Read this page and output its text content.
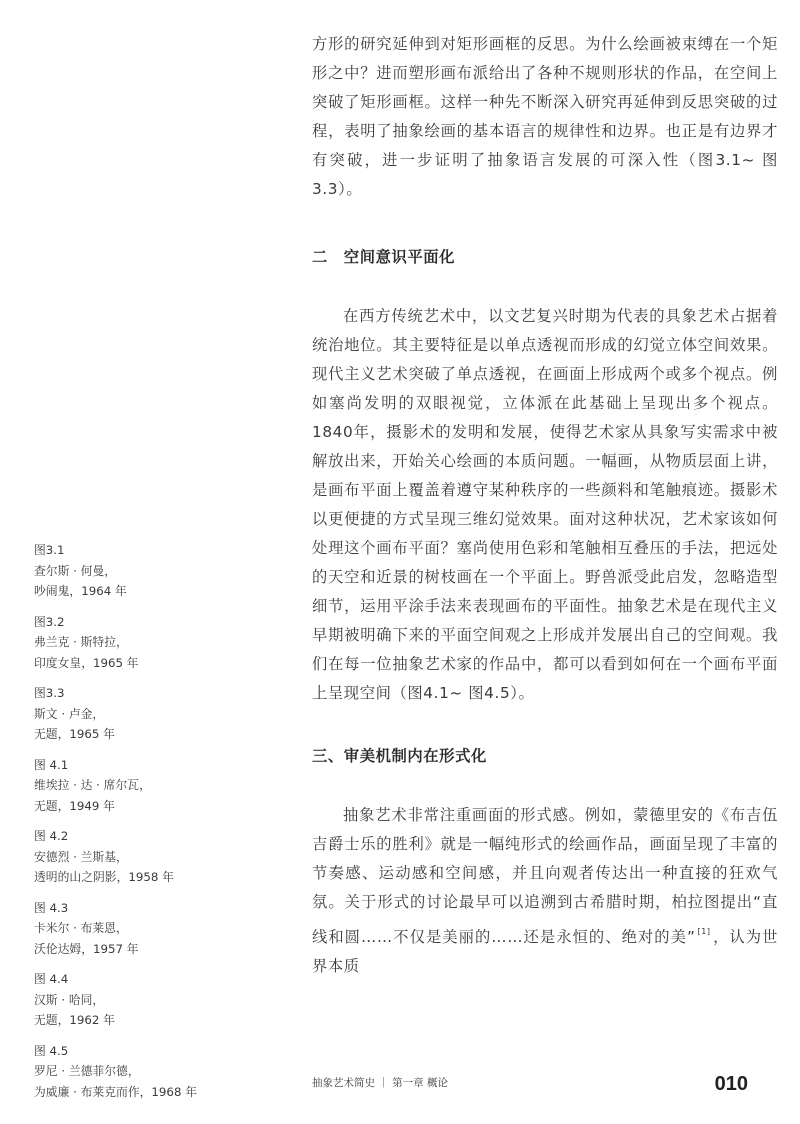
方形的研究延伸到对矩形画框的反思。为什么绘画被束缚在一个矩形之中？进而塑形画布派给出了各种不规则形状的作品，在空间上突破了矩形画框。这样一种先不断深入研究再延伸到反思突破的过程，表明了抽象绘画的基本语言的规律性和边界。也正是有边界才有突破，进一步证明了抽象语言发展的可深入性（图3.1~ 图3.3）。

二　空间意识平面化

在西方传统艺术中，以文艺复兴时期为代表的具象艺术占据着统治地位。其主要特征是以单点透视而形成的幻觉立体空间效果。现代主义艺术突破了单点透视，在画面上形成两个或多个视点。例如塞尚发明的双眼视觉，立体派在此基础上呈现出多个视点。1840年，摄影术的发明和发展，使得艺术家从具象写实需求中被解放出来，开始关心绘画的本质问题。一幅画，从物质层面上讲，是画布平面上覆盖着遵守某种秩序的一些颜料和笔触痕迹。摄影术以更便捷的方式呈现三维幻觉效果。面对这种状况，艺术家该如何处理这个画布平面？塞尚使用色彩和笔触相互叠压的手法，把远处的天空和近景的树枝画在一个平面上。野兽派受此启发，忽略造型细节，运用平涂手法来表现画布的平面性。抽象艺术是在现代主义早期被明确下来的平面空间观之上形成并发展出自己的空间观。我们在每一位抽象艺术家的作品中，都可以看到如何在一个画布平面上呈现空间（图4.1~ 图4.5）。

三、审美机制内在形式化

抽象艺术非常注重画面的形式感。例如，蒙德里安的《布吉伍吉爵士乐的胜利》就是一幅纯形式的绘画作品，画面呈现了丰富的节奏感、运动感和空间感，并且向观者传达出一种直接的狂欢气氛。关于形式的讨论最早可以追溯到古希腊时期，柏拉图提出“直线和圆……不仅是美丽的……还是永恒的、绝对的美” [1] ，认为世界本质

图3.1
查尔斯 · 何曼，
吵闹鬼，1964 年
图3.2
弗兰克 · 斯特拉，
印度女皇，1965 年
图3.3
斯文 · 卢金，
无题，1965 年
图 4.1
维埃拉 · 达 · 席尔瓦，
无题，1949 年
图 4.2
安德烈 · 兰斯基，
透明的山之阴影，1958 年
图 4.3
卡米尔 · 布莱恩，
沃伦达姆，1957 年
图 4.4
汉斯 · 哈同，
无题，1962 年
图 4.5
罗尼 · 兰德菲尔德，
为威廉 · 布莱克而作，1968 年
抽象艺术简史 ｜ 第一章 概论	010
